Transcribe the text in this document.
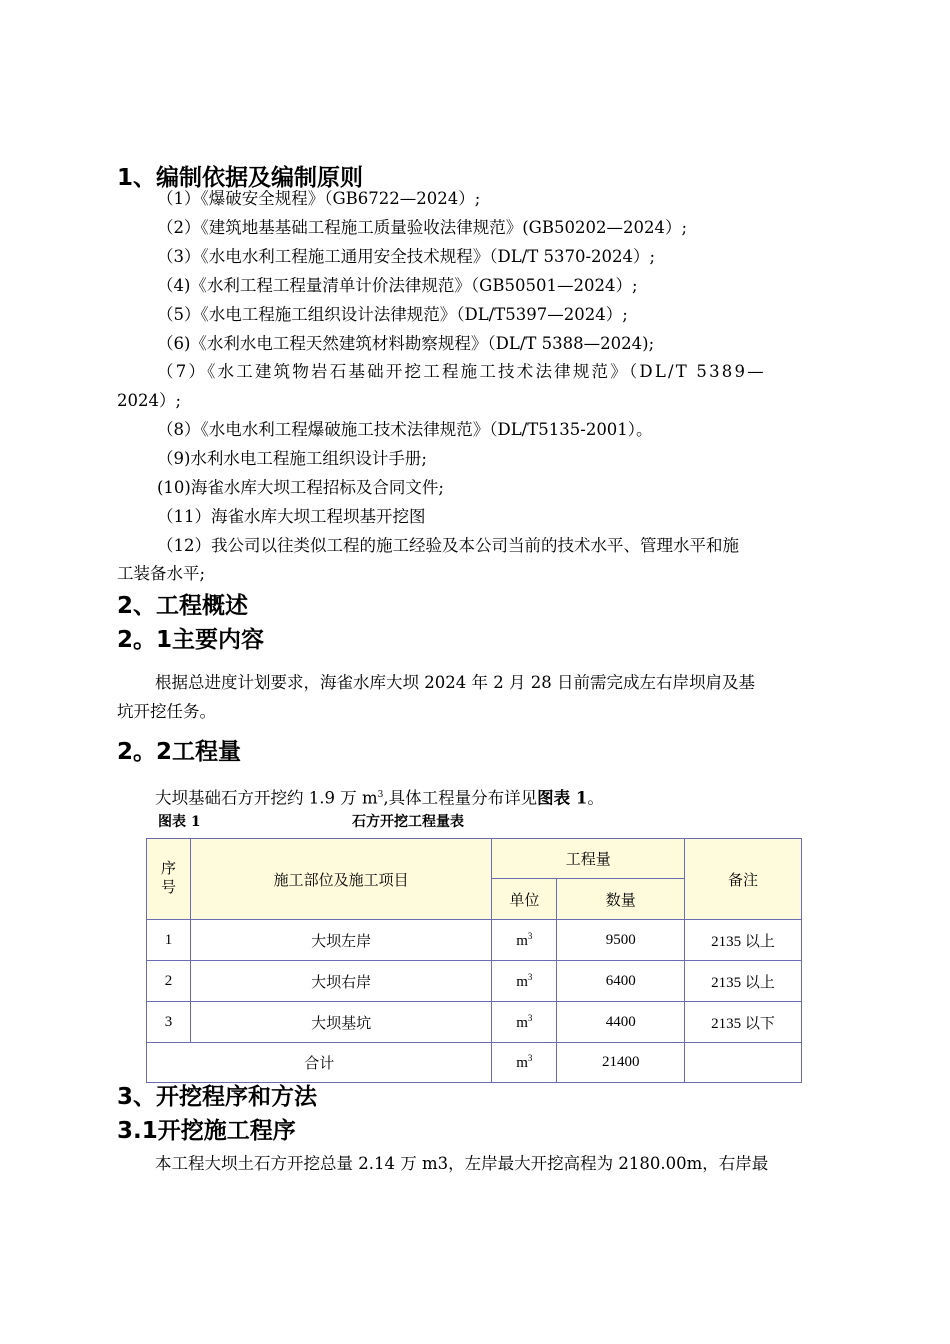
1、编制依据及编制原则
（1）《爆破安全规程》（GB6722—2024）;
（2）《建筑地基基础工程施工质量验收法律规范》(GB50202—2024）;
（3）《水电水利工程施工通用安全技术规程》（DL/T 5370-2024）;
（4)《水利工程工程量清单计价法律规范》（GB50501—2024）;
（5）《水电工程施工组织设计法律规范》（DL/T5397—2024）;
（6)《水利水电工程天然建筑材料勘察规程》（DL/T 5388—2024);
（7）《水工建筑物岩石基础开挖工程施工技术法律规范》（DL/T 5389—
2024）;
（8）《水电水利工程爆破施工技术法律规范》（DL/T5135-2001）。
（9)水利水电工程施工组织设计手册;
(10)海雀水库大坝工程招标及合同文件;
（11）海雀水库大坝工程坝基开挖图
（12）我公司以往类似工程的施工经验及本公司当前的技术水平、管理水平和施
工装备水平;
2、工程概述
2。1主要内容
根据总进度计划要求，海雀水库大坝 2024 年 2 月 28 日前需完成左右岸坝肩及基
坑开挖任务。
2。2工程量
大坝基础石方开挖约 1.9 万 $m^3$,具体工程量分布详见图表 1。
图表 1	石方开挖工程量表
序号	施工部位及施工项目	工程量		备注
		单位	数量	
1	大坝左岸	$m^3$	9500	2135 以上
2	大坝右岸	$m^3$	6400	2135 以上
3	大坝基坑	$m^3$	4400	2135 以下
合计		$m^3$	21400	
3、开挖程序和方法
3.1开挖施工程序
本工程大坝土石方开挖总量 2.14 万 m3，左岸最大开挖高程为 2180.00m，右岸最
